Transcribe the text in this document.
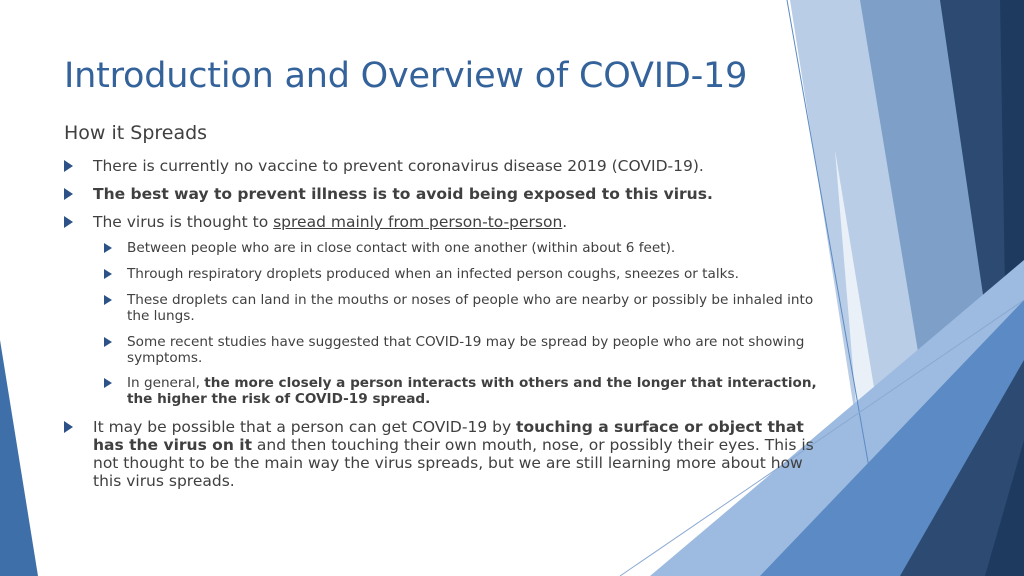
Introduction and Overview of COVID-19
How it Spreads
There is currently no vaccine to prevent coronavirus disease 2019 (COVID-19).
The best way to prevent illness is to avoid being exposed to this virus.
The virus is thought to spread mainly from person-to-person.
Between people who are in close contact with one another (within about 6 feet).
Through respiratory droplets produced when an infected person coughs, sneezes or talks.
These droplets can land in the mouths or noses of people who are nearby or possibly be inhaled into the lungs.
Some recent studies have suggested that COVID-19 may be spread by people who are not showing symptoms.
In general, the more closely a person interacts with others and the longer that interaction, the higher the risk of COVID-19 spread.
It may be possible that a person can get COVID-19 by touching a surface or object that has the virus on it and then touching their own mouth, nose, or possibly their eyes. This is not thought to be the main way the virus spreads, but we are still learning more about how this virus spreads.
